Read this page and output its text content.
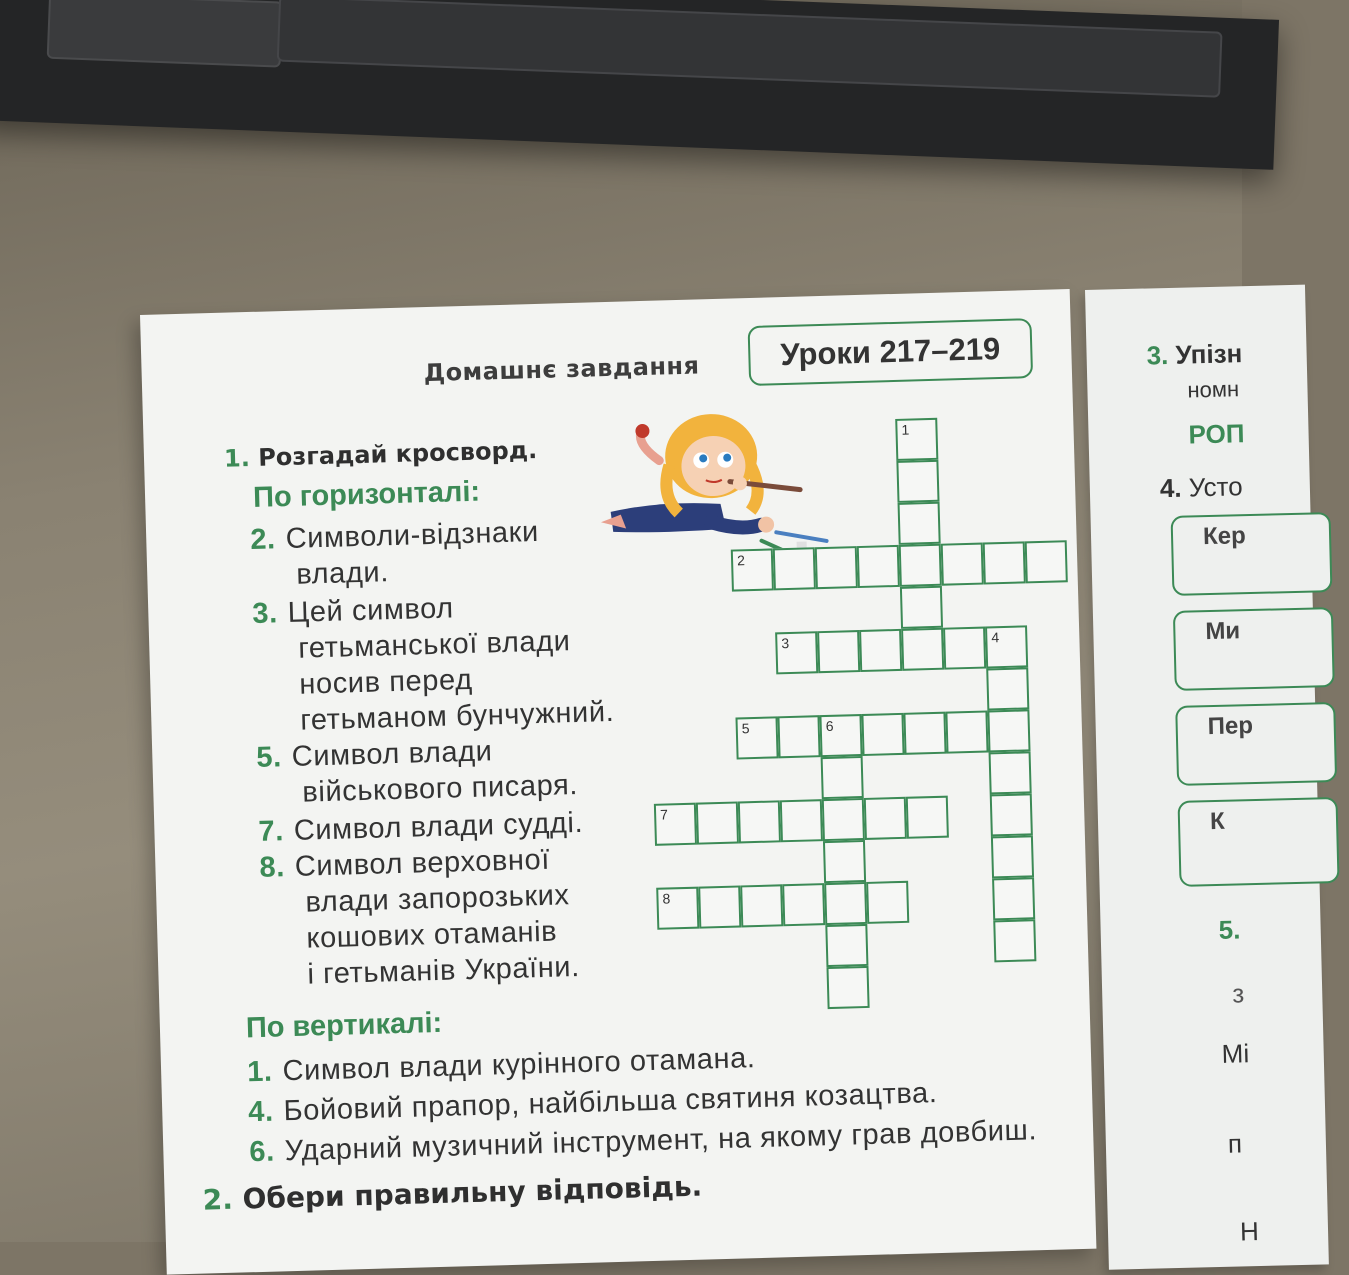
3. Упізн
номн
РОП
4. Усто
Кер
Ми
Пер
К
5.
з
Мі
п
Н
Домашнє завдання	Уроки 217–219
1. Розгадай кросворд.
По горизонталі:
2. Символи-відзнаки
влади.
3. Цей символ
гетьманської влади
носив перед
гетьманом бунчужний.
5. Символ влади
військового писаря.
7. Символ влади судді.
8. Символ верховної
влади запорозьких
кошових отаманів
і гетьманів України.
По вертикалі:
1. Символ влади курінного отамана.
4. Бойовий прапор, найбільша святиня козацтва.
6. Ударний музичний інструмент, на якому грав довбиш.
2. Обери правильну відповідь.
1
2
3	4
5	6
7
8
